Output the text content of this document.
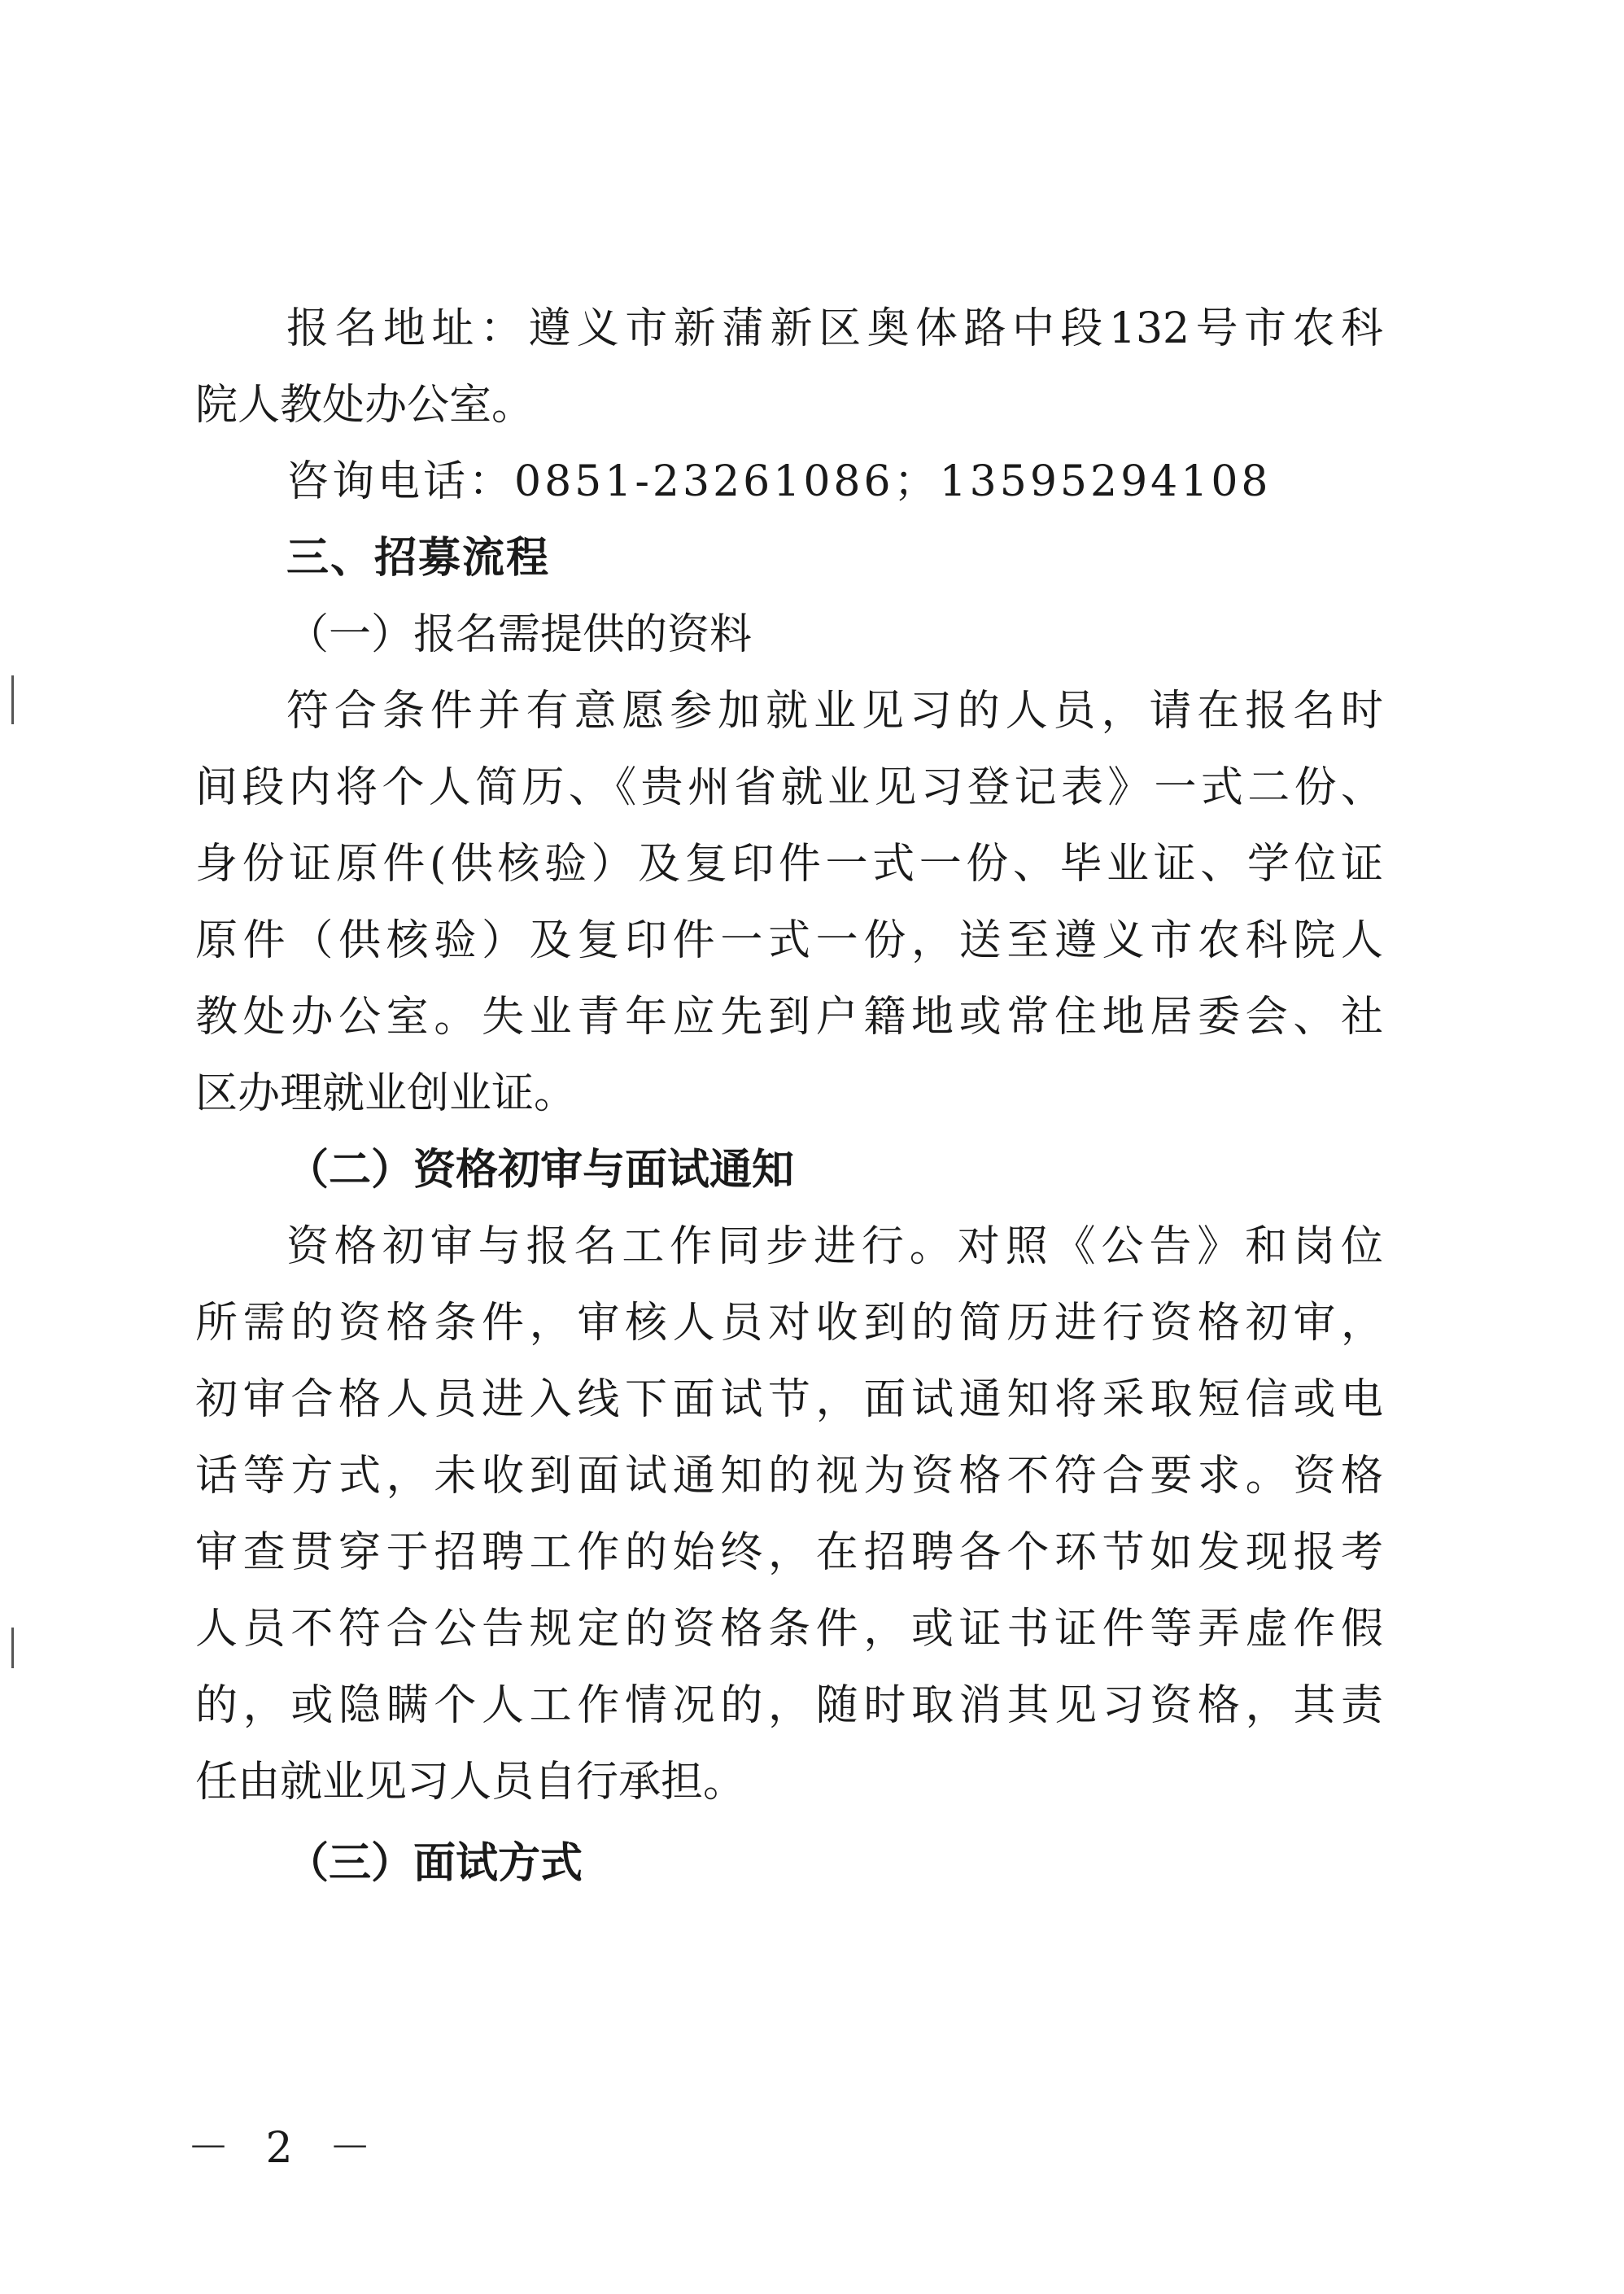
报名地址：遵义市新蒲新区奥体路中段132号市农科
院人教处办公室。
咨询电话：0851-23261086；13595294108
三、招募流程
（一）报名需提供的资料
符合条件并有意愿参加就业见习的人员，请在报名时
间段内将个人简历、《贵州省就业见习登记表》一式二份、
身份证原件(供核验）及复印件一式一份、毕业证、学位证
原件（供核验）及复印件一式一份，送至遵义市农科院人
教处办公室。失业青年应先到户籍地或常住地居委会、社
区办理就业创业证。
（二）资格初审与面试通知
资格初审与报名工作同步进行。对照《公告》和岗位
所需的资格条件，审核人员对收到的简历进行资格初审，
初审合格人员进入线下面试节，面试通知将采取短信或电
话等方式，未收到面试通知的视为资格不符合要求。资格
审查贯穿于招聘工作的始终，在招聘各个环节如发现报考
人员不符合公告规定的资格条件，或证书证件等弄虚作假
的，或隐瞒个人工作情况的，随时取消其见习资格，其责
任由就业见习人员自行承担。
（三）面试方式
－ 2 －
